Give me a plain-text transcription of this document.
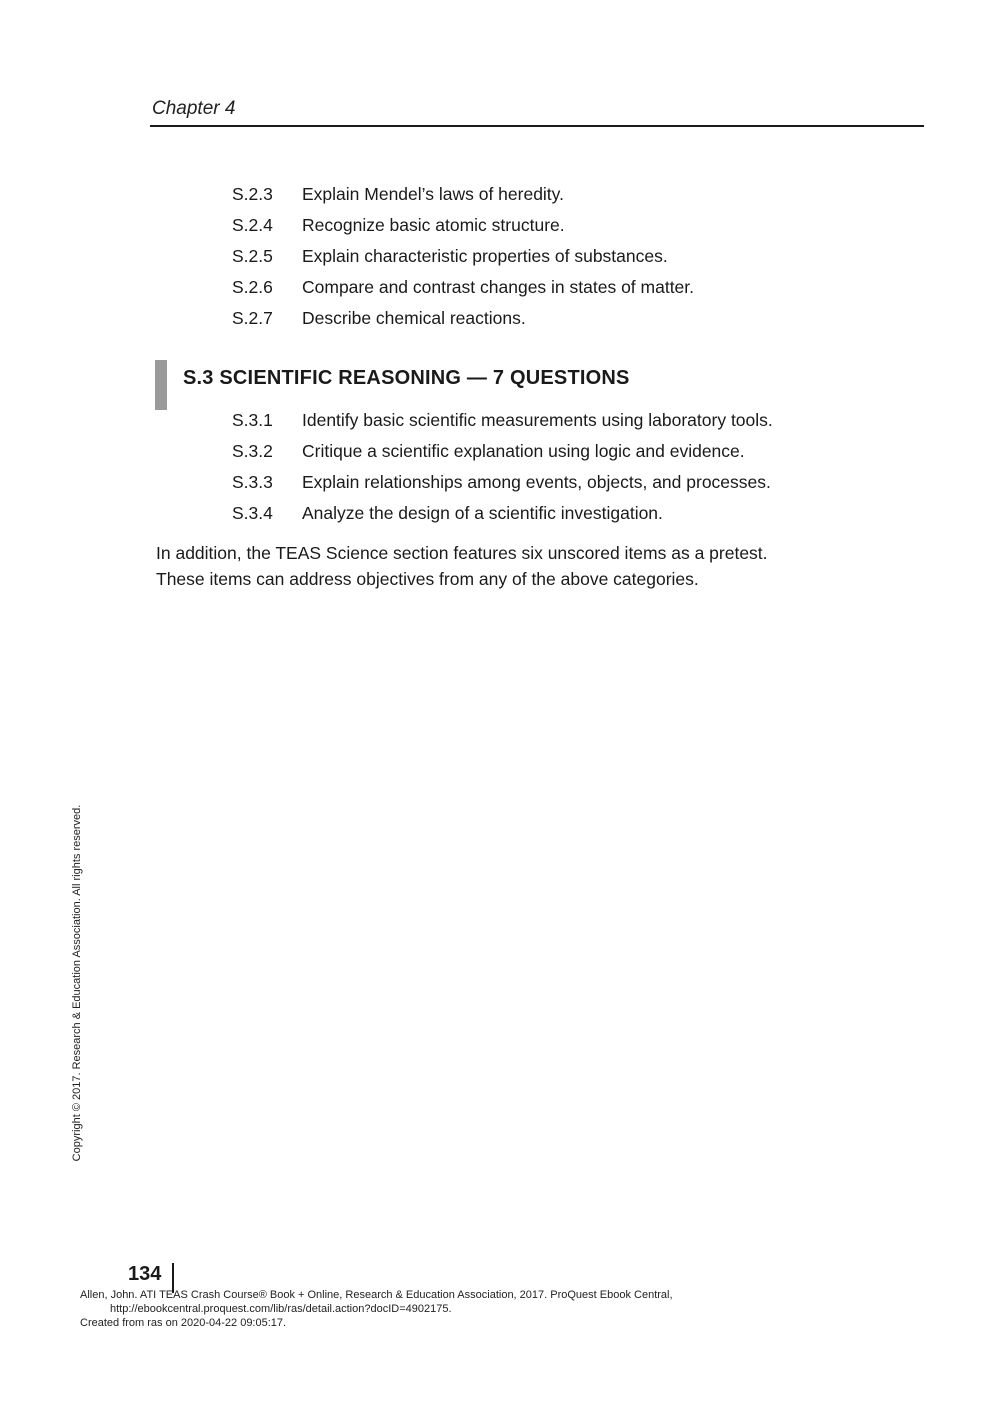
Chapter 4
S.2.3	Explain Mendel’s laws of heredity.
S.2.4	Recognize basic atomic structure.
S.2.5	Explain characteristic properties of substances.
S.2.6	Compare and contrast changes in states of matter.
S.2.7	Describe chemical reactions.
S.3 SCIENTIFIC REASONING — 7 QUESTIONS
S.3.1	Identify basic scientific measurements using laboratory tools.
S.3.2	Critique a scientific explanation using logic and evidence.
S.3.3	Explain relationships among events, objects, and processes.
S.3.4	Analyze the design of a scientific investigation.

In addition, the TEAS Science section features six unscored items as a pretest.
These items can address objectives from any of the above categories.

Copyright © 2017. Research & Education Association. All rights reserved.
134
Allen, John. ATI TEAS Crash Course® Book + Online, Research & Education Association, 2017. ProQuest Ebook Central,
http://ebookcentral.proquest.com/lib/ras/detail.action?docID=4902175.
Created from ras on 2020-04-22 09:05:17.
